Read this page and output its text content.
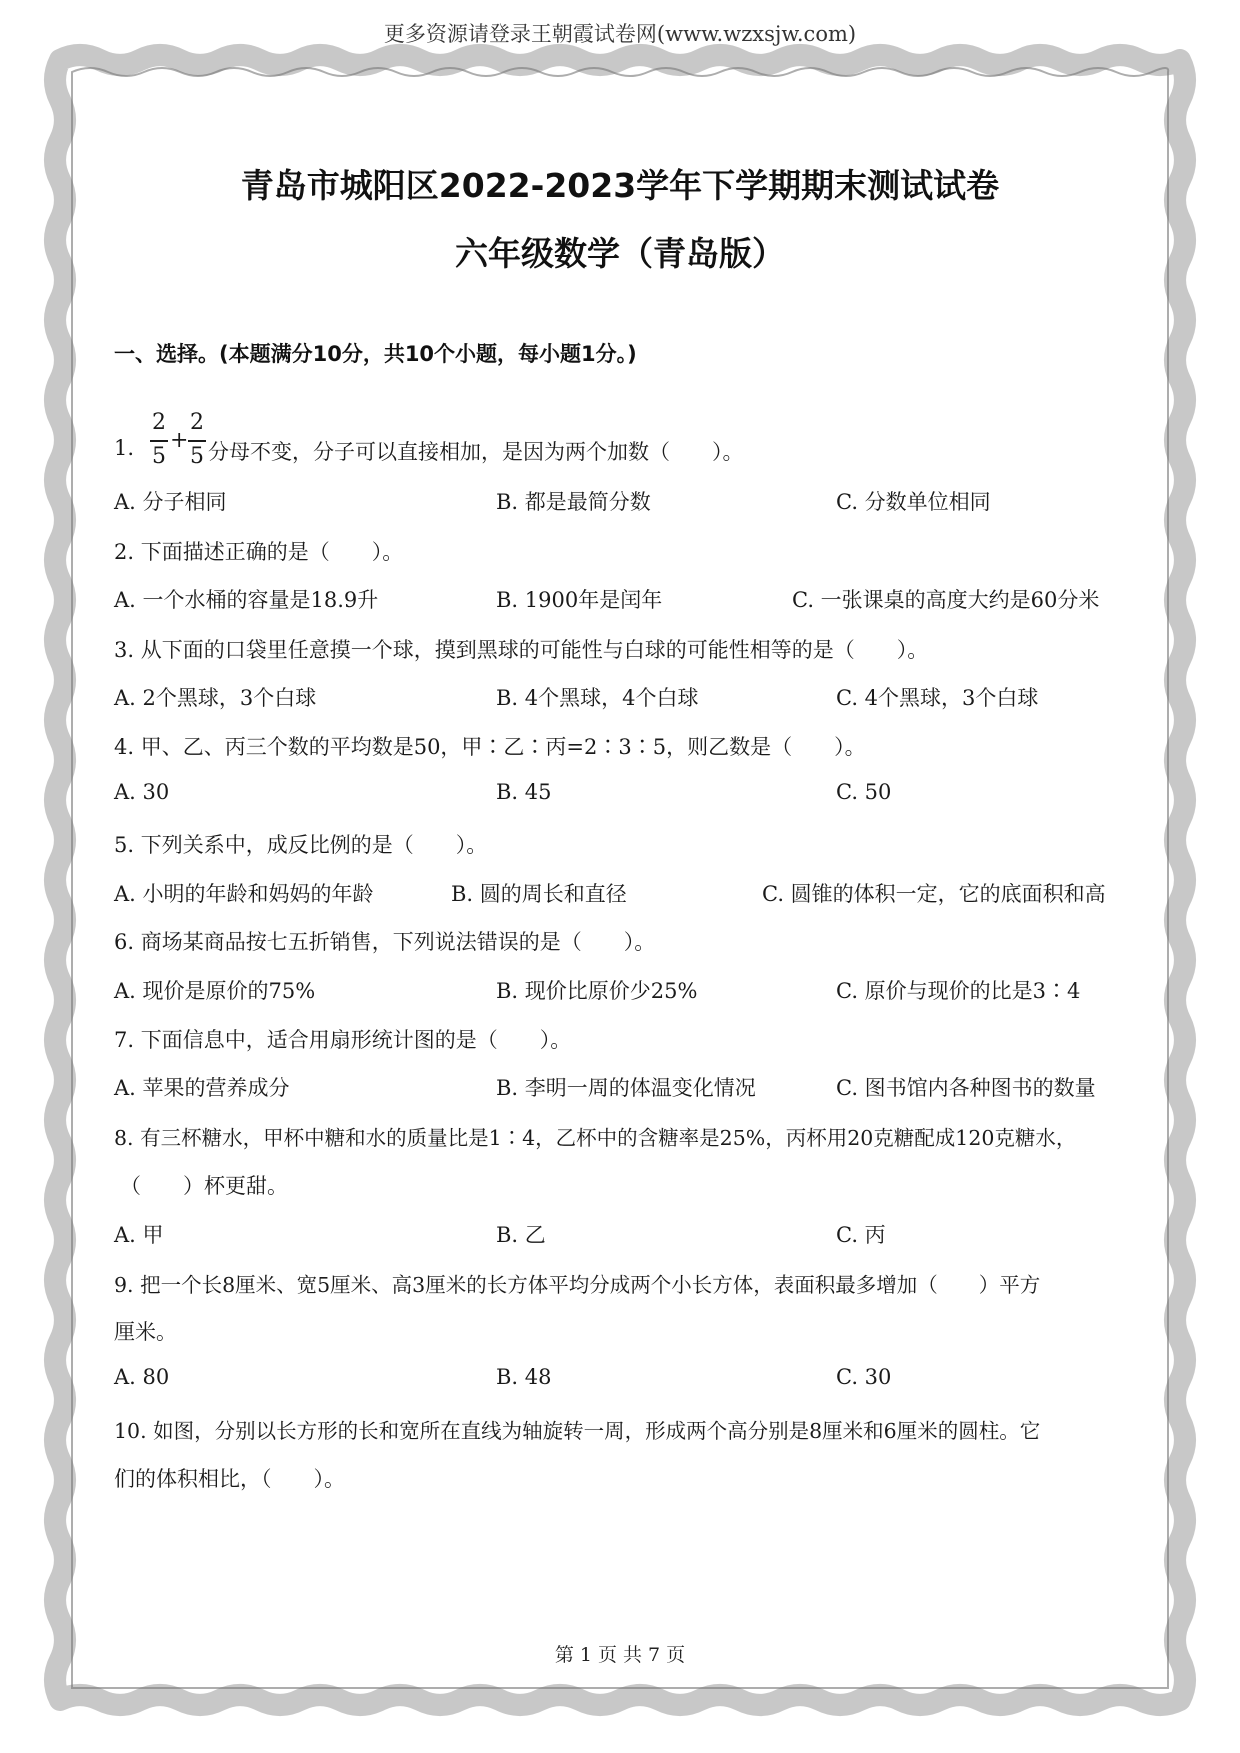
更多资源请登录王朝霞试卷网(www.wzxsjw.com)
青岛市城阳区2022-2023学年下学期期末测试试卷
六年级数学（青岛版）
一、选择。(本题满分10分，共10个小题，每小题1分。)
1.
2
5
+
2
5 分母不变，分子可以直接相加，是因为两个加数（　　）。
A. 分子相同	B. 都是最简分数	C. 分数单位相同
2. 下面描述正确的是（　　）。
A. 一个水桶的容量是18.9升	B. 1900年是闰年	C. 一张课桌的高度大约是60分米
3. 从下面的口袋里任意摸一个球，摸到黑球的可能性与白球的可能性相等的是（　　）。
A. 2个黑球，3个白球	B. 4个黑球，4个白球	C. 4个黑球，3个白球
4. 甲、乙、丙三个数的平均数是50，甲∶乙∶丙=2∶3∶5，则乙数是（　　）。
A. 30	B. 45	C. 50
5. 下列关系中，成反比例的是（　　）。
A. 小明的年龄和妈妈的年龄	B. 圆的周长和直径	C. 圆锥的体积一定，它的底面积和高
6. 商场某商品按七五折销售，下列说法错误的是（　　）。
A. 现价是原价的75%	B. 现价比原价少25%	C. 原价与现价的比是3∶4
7. 下面信息中，适合用扇形统计图的是（　　）。
A. 苹果的营养成分	B. 李明一周的体温变化情况	C. 图书馆内各种图书的数量
8. 有三杯糖水，甲杯中糖和水的质量比是1∶4，乙杯中的含糖率是25%，丙杯用20克糖配成120克糖水，
（　　）杯更甜。
A. 甲	B. 乙	C. 丙
9. 把一个长8厘米、宽5厘米、高3厘米的长方体平均分成两个小长方体，表面积最多增加（　　）平方
厘米。
A. 80	B. 48	C. 30
10. 如图，分别以长方形的长和宽所在直线为轴旋转一周，形成两个高分别是8厘米和6厘米的圆柱。它
们的体积相比，（　　）。
第 1 页 共 7 页
